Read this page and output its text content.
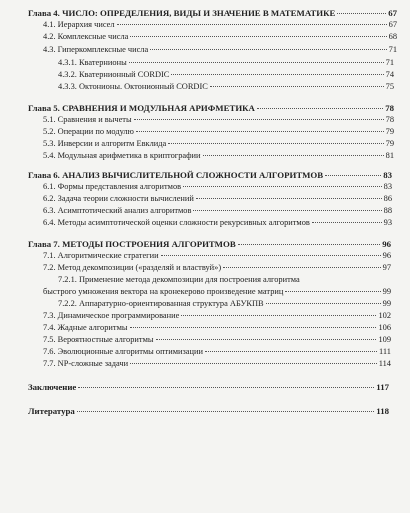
Глава 4. ЧИСЛО: ОПРЕДЕЛЕНИЯ, ВИДЫ И ЗНАЧЕНИЕ В МАТЕМАТИКЕ	67
4.1. Иерархия чисел	67
4.2. Комплексные числа	68
4.3. Гиперкомплексные числа	71
4.3.1. Кватернионы	71
4.3.2. Кватернионный CORDIC	74
4.3.3. Октонионы. Октонионный CORDIC	75
Глава 5. СРАВНЕНИЯ И МОДУЛЬНАЯ АРИФМЕТИКА	78
5.1. Сравнения и вычеты	78
5.2. Операции по модулю	79
5.3. Инверсии и алгоритм Евклида	79
5.4. Модульная арифметика в криптографии	81
Глава 6. АНАЛИЗ ВЫЧИСЛИТЕЛЬНОЙ СЛОЖНОСТИ АЛГОРИТМОВ	83
6.1. Формы представления алгоритмов	83
6.2. Задача теории сложности вычислений	86
6.3. Асимптотический анализ алгоритмов	88
6.4. Методы асимптотической оценки сложности рекурсивных алгоритмов	93
Глава 7. МЕТОДЫ ПОСТРОЕНИЯ АЛГОРИТМОВ	96
7.1. Алгоритмические стратегии	96
7.2. Метод декомпозиции («разделяй и властвуй»)	97
7.2.1. Применение метода декомпозиции для построения алгоритма
быстрого умножения вектора на кронекерово произведение матриц	99
7.2.2. Аппаратурно-ориентированная структура АБУКПВ	99
7.3. Динамическое программирование	102
7.4. Жадные алгоритмы	106
7.5. Вероятностные алгоритмы	109
7.6. Эволюционные алгоритмы оптимизации	111
7.7. NP-сложные задачи	114
Заключение	117
Литература	118
